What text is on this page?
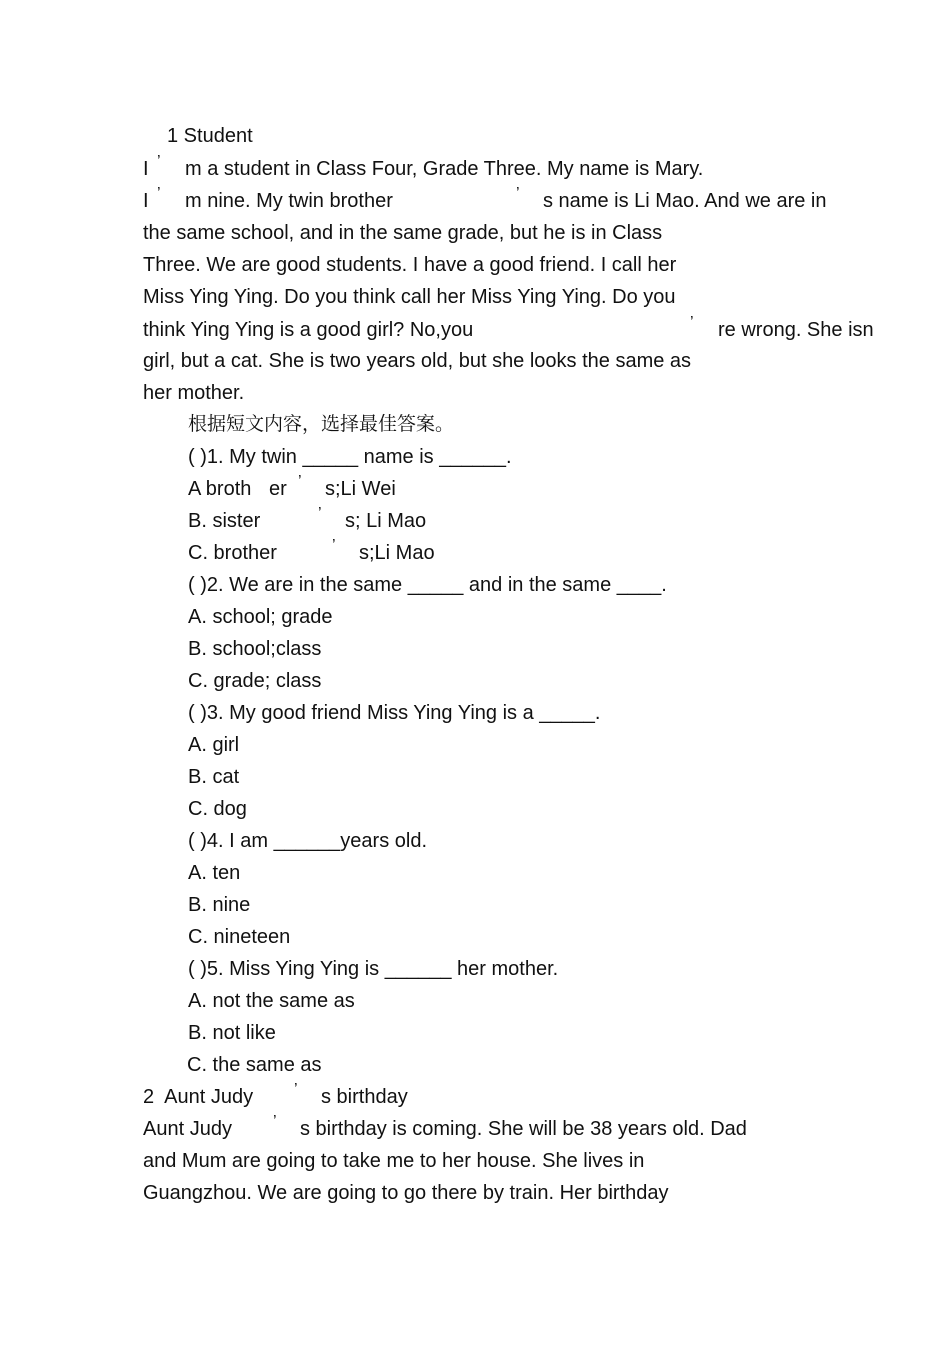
1 Student
I ’ m a student in Class Four, Grade Three. My name is Mary.
I ’ m nine. My twin brother	’ s name is Li Mao. And we are in
the same school, and in the same grade, but he is in Class
Three. We are good students. I have a good friend. I call her
Miss Ying Ying. Do you think call her Miss Ying Ying. Do you
think Ying Ying is a good girl? No,you	’ re wrong. She isn
girl, but a cat. She is two years old, but she looks the same as
her mother.
根据短文内容，选择最佳答案。
( )1. My twin _____ name is ______.
A broth er ’ s;Li Wei
B. sister	’ s; Li Mao
C. brother	’ s;Li Mao
( )2. We are in the same _____ and in the same ____.
A. school; grade
B. school;class
C. grade; class
( )3. My good friend Miss Ying Ying is a _____.
A. girl
B. cat
C. dog
( )4. I am ______years old.
A. ten
B. nine
C. nineteen
( )5. Miss Ying Ying is ______ her mother.
A. not the same as
B. not like
C. the same as
2  Aunt Judy	’ s birthday
Aunt Judy	’ s birthday is coming. She will be 38 years old. Dad
and Mum are going to take me to her house. She lives in
Guangzhou. We are going to go there by train. Her birthday
